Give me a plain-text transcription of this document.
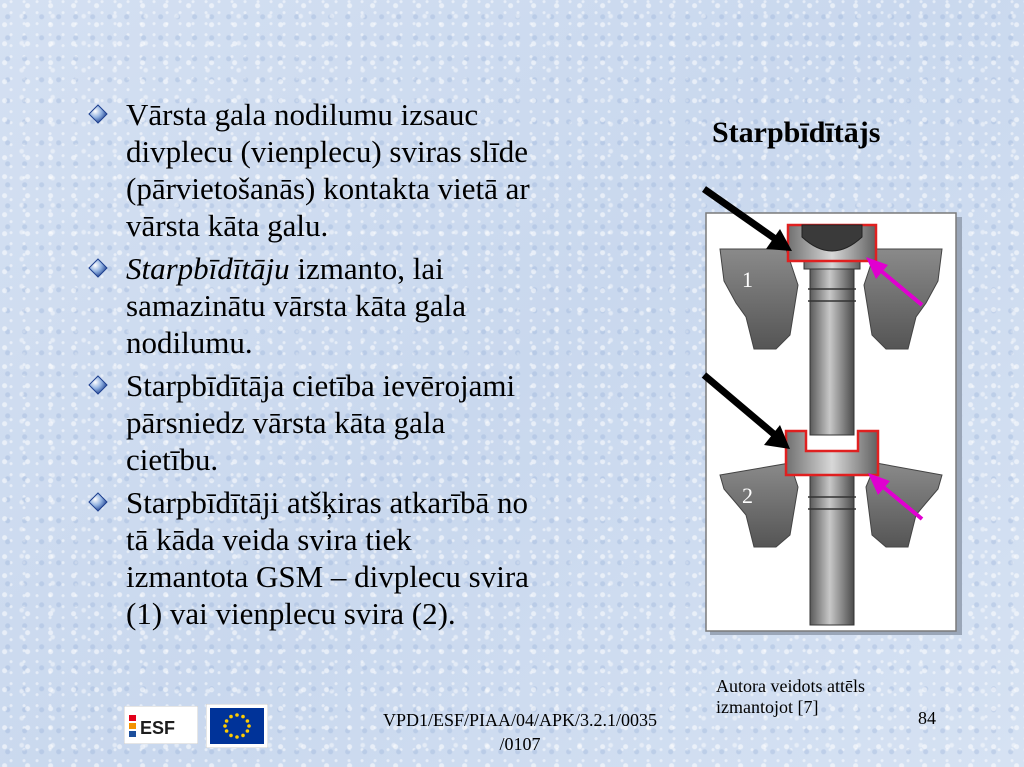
Vārsta gala nodilumu izsauc
divplecu (vienplecu) sviras slīde
(pārvietošanās) kontakta vietā ar
vārsta kāta galu.
Starpbīdītāju izmanto, lai
samazinātu vārsta kāta gala
nodilumu.
Starpbīdītāja cietība ievērojami
pārsniedz vārsta kāta gala
cietību.
Starpbīdītāji atšķiras atkarībā no
tā kāda veida svira tiek
izmantota GSM – divplecu svira
(1) vai vienplecu svira (2).
Starpbīdītājs
1
2
Autora veidots attēls
izmantojot [7]
ESF	VPD1/ESF/PIAA/04/APK/3.2.1/0035
/0107
84
